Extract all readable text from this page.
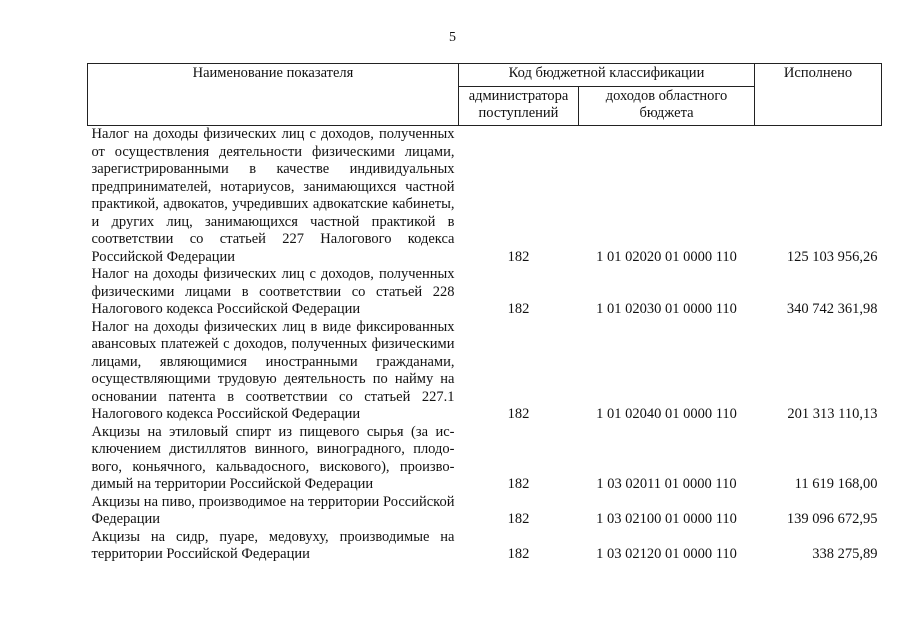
5
Наименование показателя	Код бюджетной классификации		Исполнено
	администратора поступлений	доходов областного бюджета	
Налог на доходы физических лиц с доходов, полученных от осуществления деятельности физическими лицами, зарегистрированными в качестве индивидуальных предпринимателей, нотариусов, занимающихся частной практикой, адвокатов, учредивших адвокатские кабинеты, и других лиц, занимающихся частной практикой в соответствии со статьей 227 Налогового кодекса Российской Федерации	182	1 01 02020 01 0000 110	125 103 956,26
Налог на доходы физических лиц с доходов, полученных физическими лицами в соответствии со статьей 228 Налогового кодекса Российской Федерации	182	1 01 02030 01 0000 110	340 742 361,98
Налог на доходы физических лиц в виде фиксированных авансовых платежей с доходов, полученных физическими лицами, являющимися иностранными гражданами, осуществляющими трудовую деятельность по найму на основании патента в соответствии со статьей 227.1 Налогового кодекса Российской Федерации	182	1 01 02040 01 0000 110	201 313 110,13
Акцизы на этиловый спирт из пищевого сырья (за исключением дистиллятов винного, виноградного, плодового, коньячного, кальвадосного, вискового), производимый на территории Российской Федерации	182	1 03 02011 01 0000 110	11 619 168,00
Акцизы на пиво, производимое на территории Российской Федерации	182	1 03 02100 01 0000 110	139 096 672,95
Акцизы на сидр, пуаре, медовуху, производимые на территории Российской Федерации	182	1 03 02120 01 0000 110	338 275,89
